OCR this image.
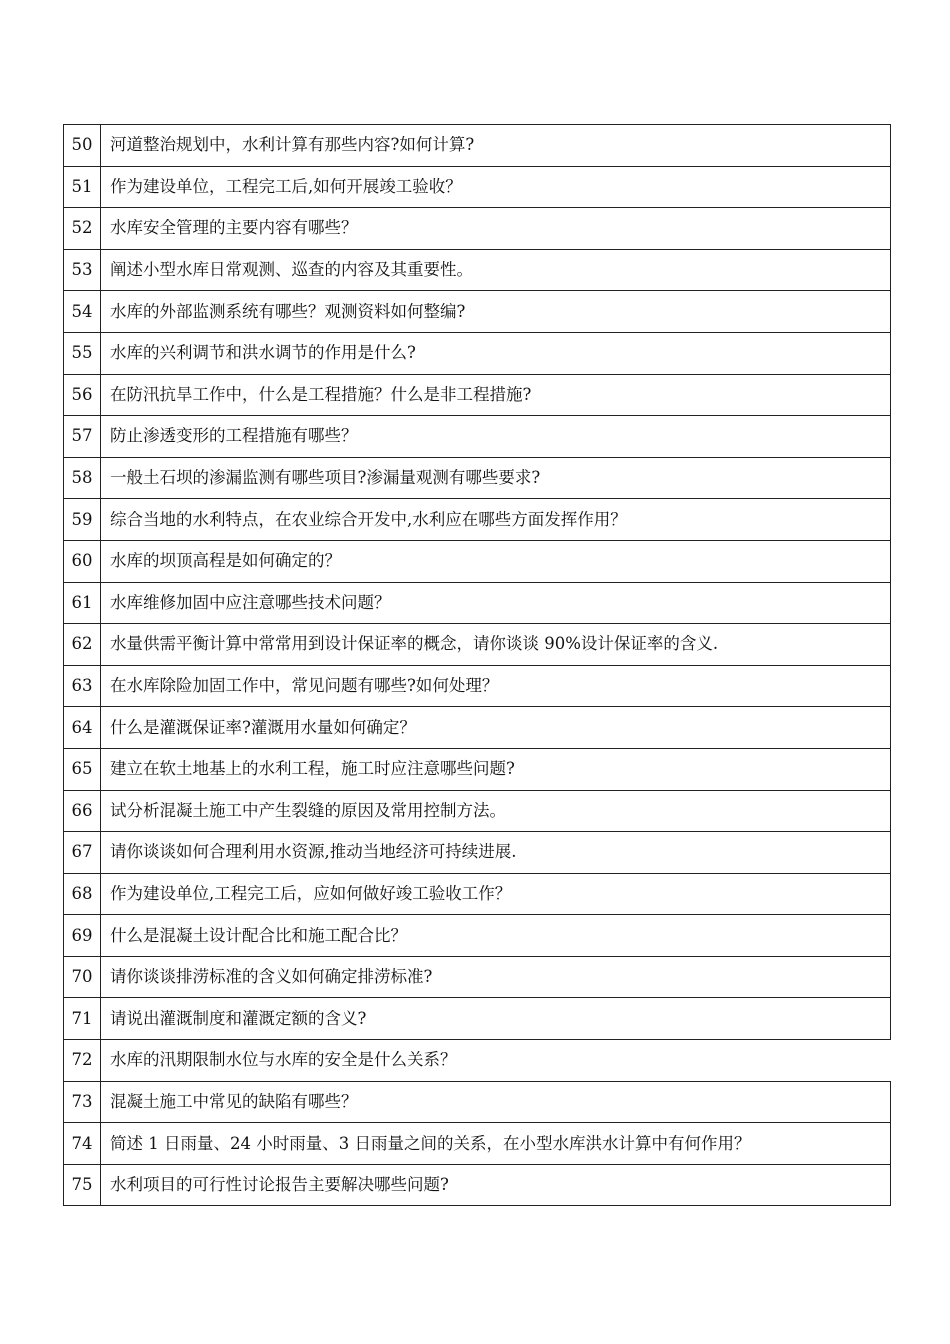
50	河道整治规划中，水利计算有那些内容?如何计算?
51	作为建设单位，工程完工后,如何开展竣工验收？
52	水库安全管理的主要内容有哪些？
53	阐述小型水库日常观测、巡查的内容及其重要性。
54	水库的外部监测系统有哪些？观测资料如何整编?
55	水库的兴利调节和洪水调节的作用是什么?
56	在防汛抗旱工作中，什么是工程措施？什么是非工程措施?
57	防止渗透变形的工程措施有哪些？
58	一般土石坝的渗漏监测有哪些项目?渗漏量观测有哪些要求?
59	综合当地的水利特点，在农业综合开发中,水利应在哪些方面发挥作用？
60	水库的坝顶高程是如何确定的？
61	水库维修加固中应注意哪些技术问题？
62	水量供需平衡计算中常常用到设计保证率的概念，请你谈谈 90%设计保证率的含义.
63	在水库除险加固工作中，常见问题有哪些?如何处理？
64	什么是灌溉保证率?灌溉用水量如何确定？
65	建立在软土地基上的水利工程，施工时应注意哪些问题?
66	试分析混凝土施工中产生裂缝的原因及常用控制方法。
67	请你谈谈如何合理利用水资源,推动当地经济可持续进展.
68	作为建设单位,工程完工后，应如何做好竣工验收工作？
69	什么是混凝土设计配合比和施工配合比？
70	请你谈谈排涝标准的含义如何确定排涝标准?
71	请说出灌溉制度和灌溉定额的含义?
72	水库的汛期限制水位与水库的安全是什么关系？
73	混凝土施工中常见的缺陷有哪些？
74	简述 1 日雨量、24 小时雨量、3 日雨量之间的关系，在小型水库洪水计算中有何作用？
75	水利项目的可行性讨论报告主要解决哪些问题?
